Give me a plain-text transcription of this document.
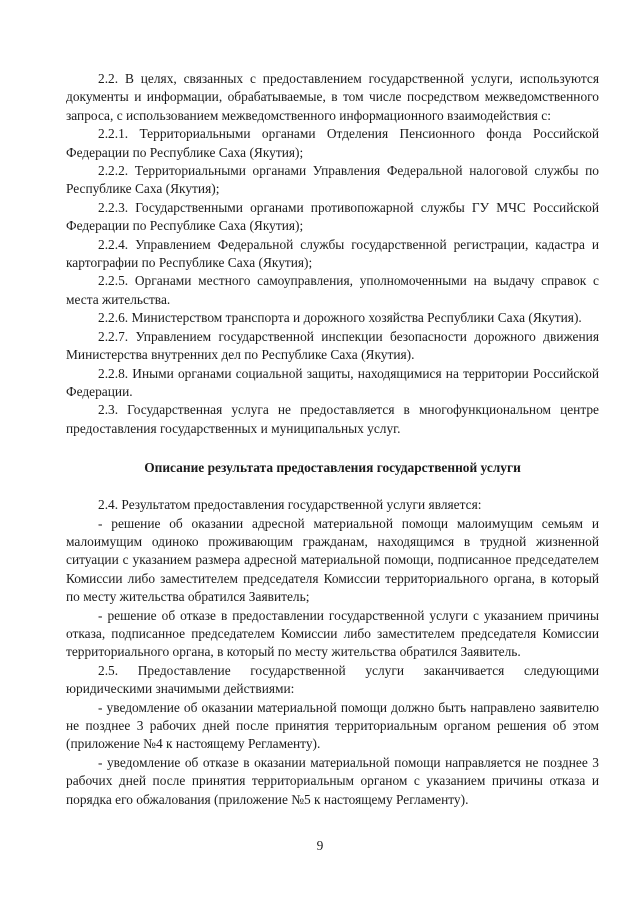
2.2. В целях, связанных с предоставлением государственной услуги, используются документы и информации, обрабатываемые, в том числе посредством межведомственного запроса, с использованием межведомственного информационного взаимодействия с:

2.2.1. Территориальными органами Отделения Пенсионного фонда Российской Федерации по Республике Саха (Якутия);

2.2.2. Территориальными органами Управления Федеральной налоговой службы по Республике Саха (Якутия);

2.2.3. Государственными органами противопожарной службы ГУ МЧС Российской Федерации по Республике Саха (Якутия);

2.2.4. Управлением Федеральной службы государственной регистрации, кадастра и картографии по Республике Саха (Якутия);

2.2.5. Органами местного самоуправления, уполномоченными на выдачу справок с места жительства.

2.2.6. Министерством транспорта и дорожного хозяйства Республики Саха (Якутия).

2.2.7. Управлением государственной инспекции безопасности дорожного движения Министерства внутренних дел по Республике Саха (Якутия).

2.2.8. Иными органами социальной защиты, находящимися на территории Российской Федерации.

2.3. Государственная услуга не предоставляется в многофункциональном центре предоставления государственных и муниципальных услуг.

Описание результата предоставления государственной услуги

2.4. Результатом предоставления государственной услуги является:

- решение об оказании адресной материальной помощи малоимущим семьям и малоимущим одиноко проживающим гражданам, находящимся в трудной жизненной ситуации с указанием размера адресной материальной помощи, подписанное председателем Комиссии либо заместителем председателя Комиссии территориального органа, в который по месту жительства обратился Заявитель;

- решение об отказе в предоставлении государственной услуги с указанием причины отказа, подписанное председателем Комиссии либо заместителем председателя Комиссии территориального органа, в который по месту жительства обратился Заявитель.

2.5. Предоставление государственной услуги заканчивается следующими юридическими значимыми действиями:

- уведомление об оказании материальной помощи должно быть направлено заявителю не позднее 3 рабочих дней после принятия территориальным органом решения об этом (приложение №4 к настоящему Регламенту).

- уведомление об отказе в оказании материальной помощи направляется не позднее 3 рабочих дней после принятия территориальным органом с указанием причины отказа и порядка его обжалования (приложение №5 к настоящему Регламенту).

9
